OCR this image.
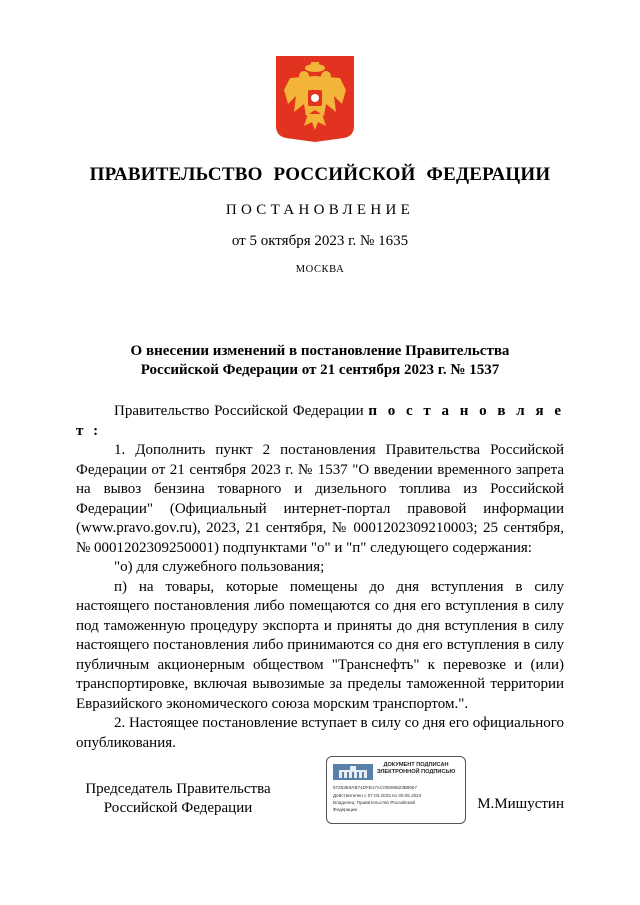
ПРАВИТЕЛЬСТВО РОССИЙСКОЙ ФЕДЕРАЦИИ
ПОСТАНОВЛЕНИЕ
от 5 октября 2023 г. № 1635
МОСКВА
О внесении изменений в постановление Правительства
Российской Федерации от 21 сентября 2023 г. № 1537

Правительство Российской Федерации п о с т а н о в л я е т :

1. Дополнить пункт 2 постановления Правительства Российской Федерации от 21 сентября 2023 г. № 1537 "О введении временного запрета на вывоз бензина товарного и дизельного топлива из Российской Федерации" (Официальный интернет-портал правовой информации (www.pravo.gov.ru), 2023, 21 сентября, № 0001202309210003; 25 сентября, № 0001202309250001) подпунктами "о" и "п" следующего содержания:

"о) для служебного пользования;

п) на товары, которые помещены до дня вступления в силу настоящего постановления либо помещаются со дня его вступления в силу под таможенную процедуру экспорта и приняты до дня вступления в силу настоящего постановления либо принимаются со дня его вступления в силу публичным акционерным обществом "Транснефть" к перевозке и (или) транспортировке, включая вывозимые за пределы таможенной территории Евразийского экономического союза морским транспортом.".

2. Настоящее постановление вступает в силу со дня его официального опубликования.

Председатель Правительства
Российской Федерации
ДОКУМЕНТ ПОДПИСАН
ЭЛЕКТРОННОЙ ПОДПИСЬЮ
57253E9AB74DFB17AC00089823B9057
Действителен с 07.03.2023 по 30.05.2024
Владелец: Правительство Российской
Федерации	М.Мишустин
